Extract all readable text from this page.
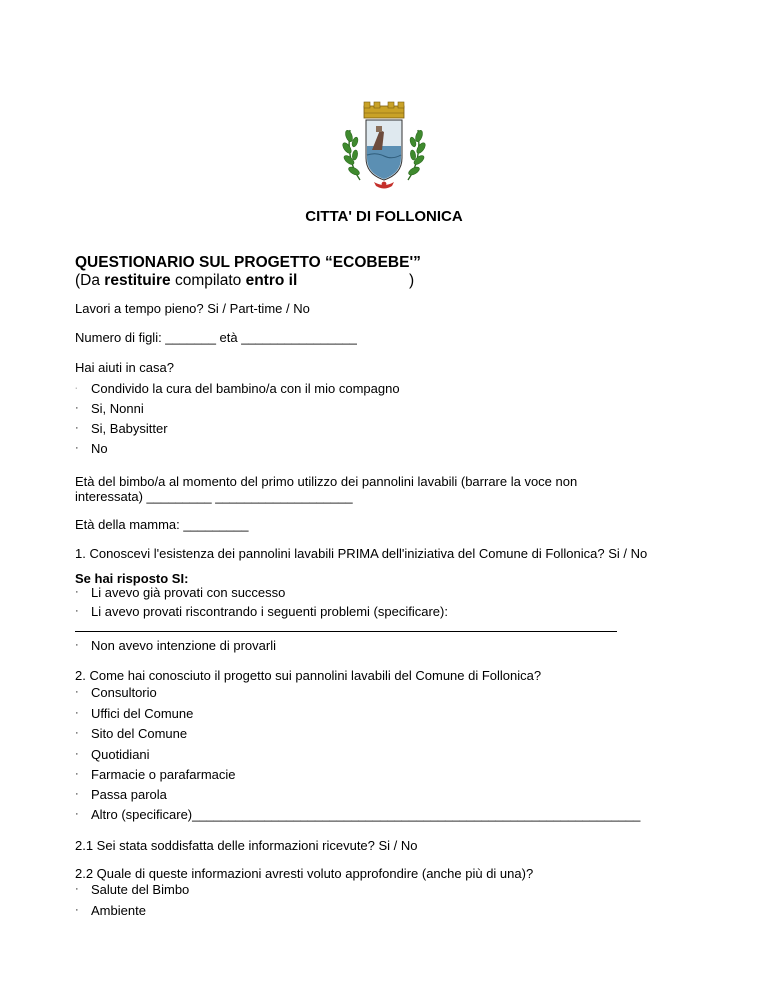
CITTA' DI FOLLONICA
QUESTIONARIO SUL PROGETTO “ECOBEBE'”
(Da restituire compilato entro il	)
Lavori a tempo pieno? Si / Part-time / No
Numero di figli: _______ età ________________
Hai aiuti in casa?
· Condivido la cura del bambino/a con il mio compagno
· Si, Nonni
· Si, Babysitter
· No
Età del bimbo/a al momento del primo utilizzo dei pannolini lavabili (barrare la voce non
interessata) _________ ___________________
Età della mamma: _________
1. Conoscevi l'esistenza dei pannolini lavabili PRIMA dell'iniziativa del Comune di Follonica? Si / No
Se hai risposto SI:
· Li avevo già provati con successo
· Li avevo provati riscontrando i seguenti problemi (specificare):
· Non avevo intenzione di provarli
2. Come hai conosciuto il progetto sui pannolini lavabili del Comune di Follonica?
· Consultorio
· Uffici del Comune
· Sito del Comune
· Quotidiani
· Farmacie o parafarmacie
· Passa parola
· Altro (specificare)______________________________________________________________
2.1 Sei stata soddisfatta delle informazioni ricevute? Si / No
2.2 Quale di queste informazioni avresti voluto approfondire (anche più di una)?
· Salute del Bimbo
· Ambiente
